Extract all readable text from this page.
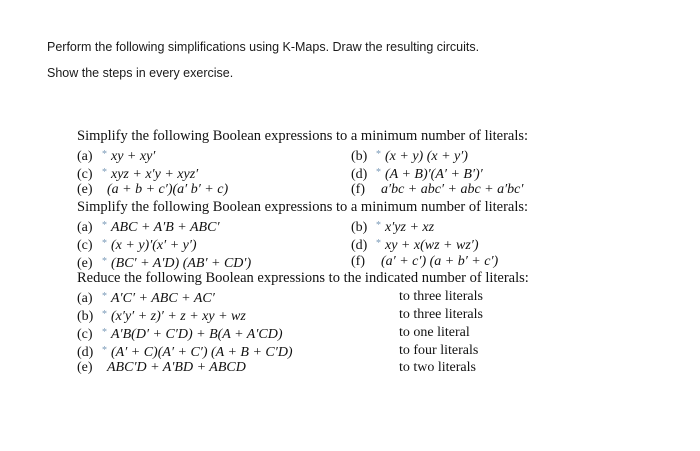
Perform the following simplifications using K-Maps. Draw the resulting circuits.
Show the steps in every exercise.
Simplify the following Boolean expressions to a minimum number of literals:
(a) * xy + xy′	(b) * (x + y) (x + y′)
(c) * xyz + x′y + xyz′	(d) * (A + B)′(A′ + B′)′
(e) (a + b + c′)(a′ b′ + c)	(f) a′bc + abc′ + abc + a′bc′
Simplify the following Boolean expressions to a minimum number of literals:
(a) * ABC + A′B + ABC′	(b) * x′yz + xz
(c) * (x + y)′(x′ + y′)	(d) * xy + x(wz + wz′)
(e) * (BC′ + A′D) (AB′ + CD′)	(f) (a′ + c′) (a + b′ + c′)
Reduce the following Boolean expressions to the indicated number of literals:
(a) * A′C′ + ABC + AC′	to three literals
(b) * (x′y′ + z)′ + z + xy + wz	to three literals
(c) * A′B(D′ + C′D) + B(A + A′CD)	to one literal
(d) * (A′ + C)(A′ + C′) (A + B + C′D)	to four literals
(e) ABC′D + A′BD + ABCD	to two literals
